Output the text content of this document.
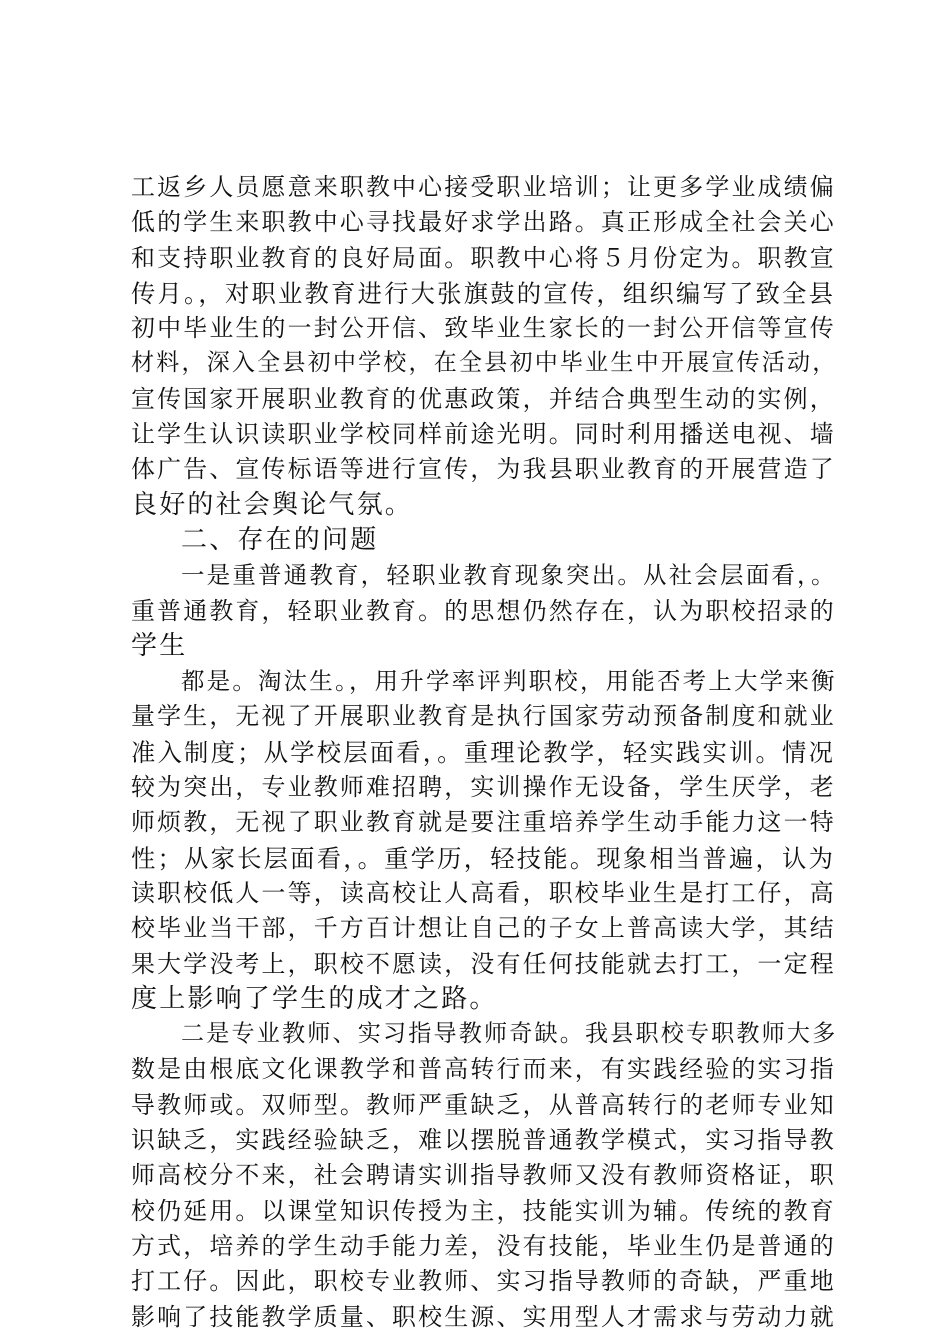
工返乡人员愿意来职教中心接受职业培训；让更多学业成绩偏
低的学生来职教中心寻找最好求学出路。真正形成全社会关心
和支持职业教育的良好局面。职教中心将５月份定为。职教宣
传月。，对职业教育进行大张旗鼓的宣传，组织编写了致全县
初中毕业生的一封公开信、致毕业生家长的一封公开信等宣传
材料，深入全县初中学校，在全县初中毕业生中开展宣传活动，
宣传国家开展职业教育的优惠政策，并结合典型生动的实例，
让学生认识读职业学校同样前途光明。同时利用播送电视、墙
体广告、宣传标语等进行宣传，为我县职业教育的开展营造了
良好的社会舆论气氛。
二、存在的问题
一是重普通教育，轻职业教育现象突出。从社会层面看，。
重普通教育，轻职业教育。的思想仍然存在，认为职校招录的
学生
都是。淘汰生。，用升学率评判职校，用能否考上大学来衡
量学生，无视了开展职业教育是执行国家劳动预备制度和就业
准入制度；从学校层面看，。重理论教学，轻实践实训。情况
较为突出，专业教师难招聘，实训操作无设备，学生厌学，老
师烦教，无视了职业教育就是要注重培养学生动手能力这一特
性；从家长层面看，。重学历，轻技能。现象相当普遍，认为
读职校低人一等，读高校让人高看，职校毕业生是打工仔，高
校毕业当干部，千方百计想让自己的子女上普高读大学，其结
果大学没考上，职校不愿读，没有任何技能就去打工，一定程
度上影响了学生的成才之路。
二是专业教师、实习指导教师奇缺。我县职校专职教师大多
数是由根底文化课教学和普高转行而来，有实践经验的实习指
导教师或。双师型。教师严重缺乏，从普高转行的老师专业知
识缺乏，实践经验缺乏，难以摆脱普通教学模式，实习指导教
师高校分不来，社会聘请实训指导教师又没有教师资格证，职
校仍延用。以课堂知识传授为主，技能实训为辅。传统的教育
方式，培养的学生动手能力差，没有技能，毕业生仍是普通的
打工仔。因此，职校专业教师、实习指导教师的奇缺，严重地
影响了技能教学质量、职校生源、实用型人才需求与劳动力就
